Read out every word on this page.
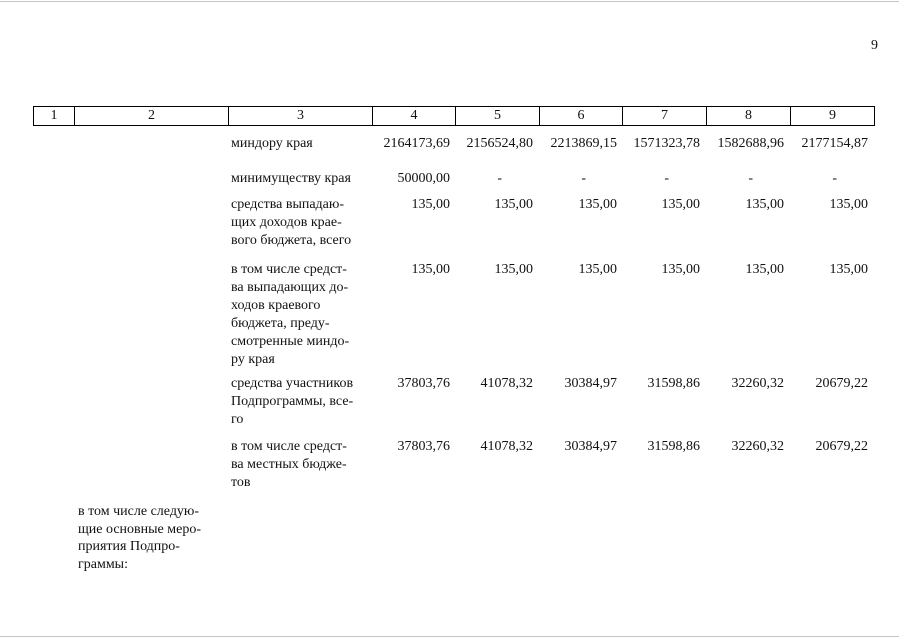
9
1	2	3	4	5	6	7	8	9
миндору края	2164173,69	2156524,80	2213869,15	1571323,78	1582688,96	2177154,87
минимуществу края	50000,00	-	-	-	-	-
средства выпадаю-
щих доходов крае-
вого бюджета, всего
135,00	135,00	135,00	135,00	135,00	135,00
в том числе средст-
ва выпадающих до-
ходов краевого
бюджета, преду-
смотренные миндо-
ру края
135,00	135,00	135,00	135,00	135,00	135,00
средства участников
Подпрограммы, все-
го
37803,76	41078,32	30384,97	31598,86	32260,32	20679,22
в том числе средст-
ва местных бюдже-
тов
37803,76	41078,32	30384,97	31598,86	32260,32	20679,22
в том числе следую-
щие основные меро-
приятия Подпро-
граммы:
